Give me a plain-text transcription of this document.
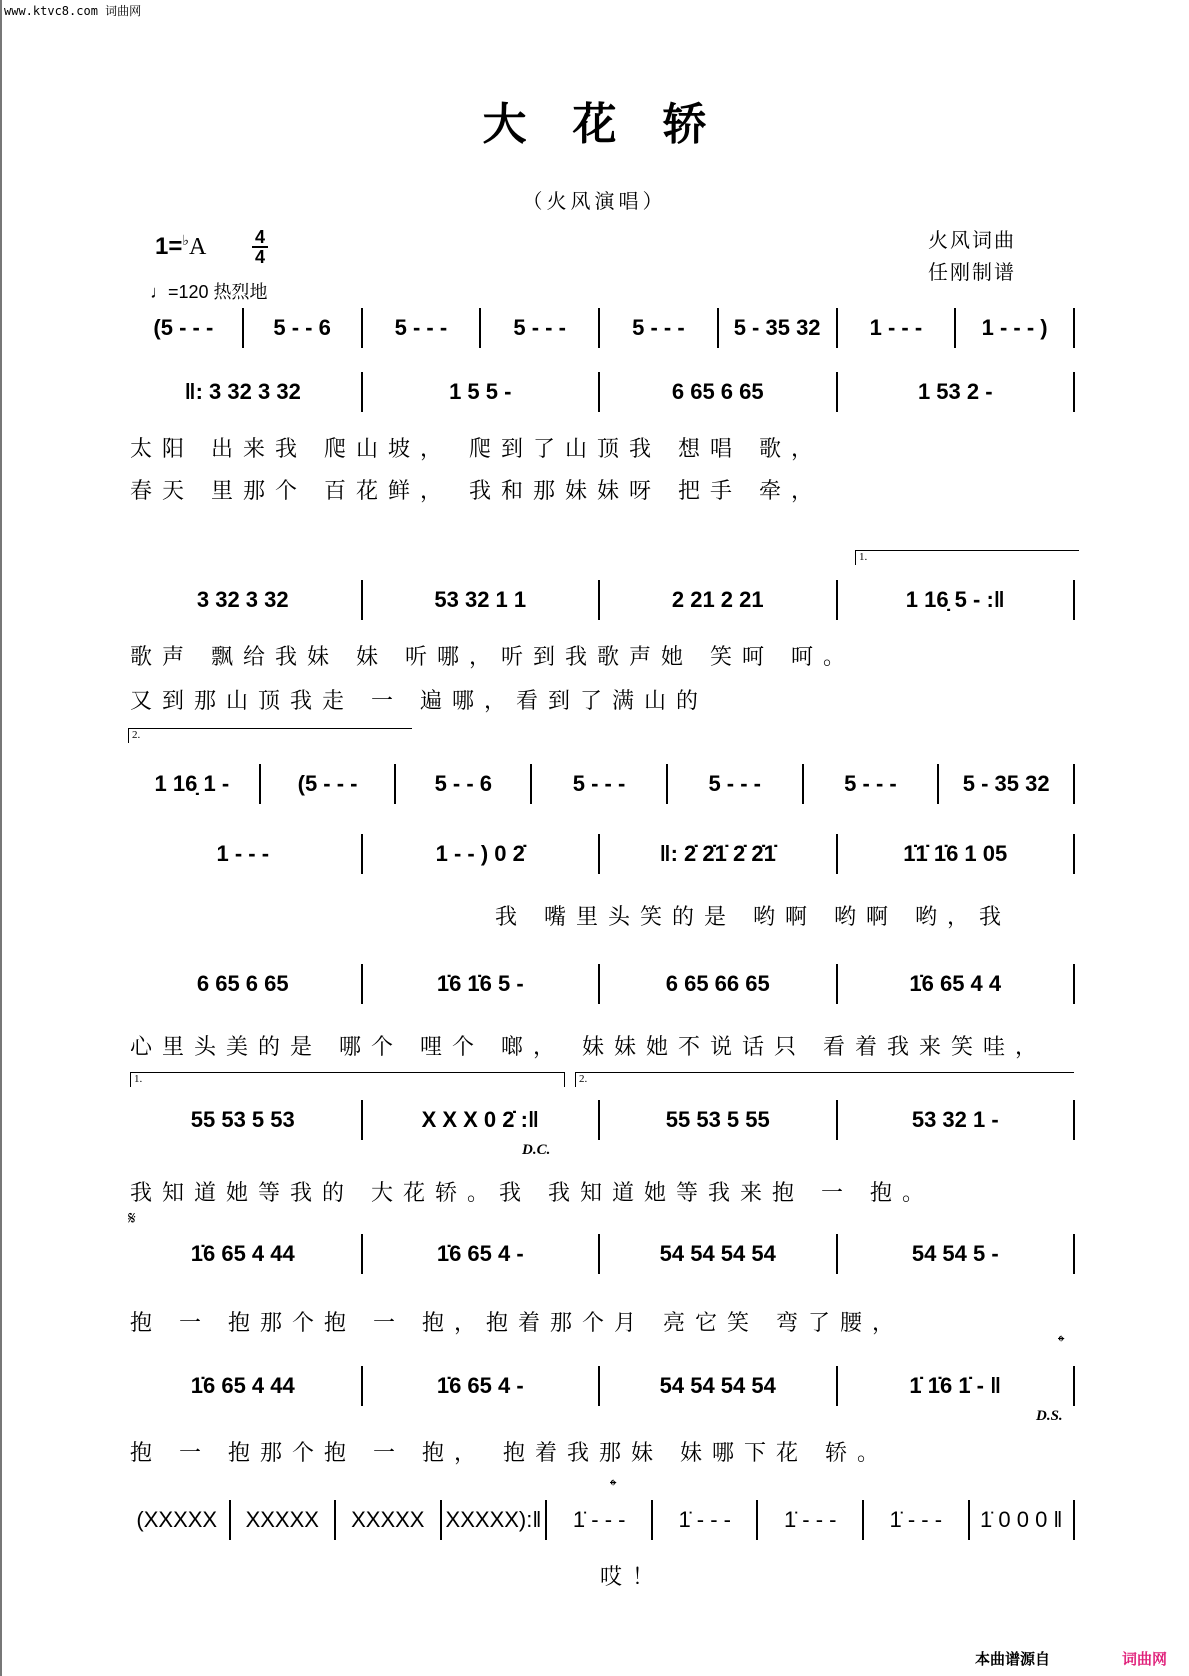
www.ktvc8.com 词曲网
大花轿
（火风演唱）
1=♭A	4
4
♩=120 热烈地
火风词曲
任刚制谱
(5 - - -	5 - - 6	5 - - -	5 - - -	5 - - -	5 - 35 32	1 - - -	1 - - - )
‖: 3 32 3 32	1 5 5 -	6 65 6 65	1 53 2 -
太阳 出来我 爬山坡， 爬到了山顶我 想唱 歌，
春天 里那个 百花鲜， 我和那妹妹呀 把手 牵，
1.
3 32 3 32	53 32 1 1	2 21 2 21	1 16̣ 5 - :‖
歌声 飘给我妹 妹 听哪，听到我歌声她 笑呵 呵。
又到那山顶我走 一 遍哪，看到了满山的
2.
1 16̣ 1 -	(5 - - -	5 - - 6	5 - - -	5 - - -	5 - - -	5 - 35 32
1 - - -	1 - - ) 0 2̇	‖: 2̇ 2̇1̇ 2̇ 2̇1̇	1̇1̇ 1̇6 1 05
我 嘴里头笑的是 哟啊 哟啊 哟，我
6 65 6 65	1̇6 1̇6 5 -	6 65 66 65	1̇6 65 4 4
心里头美的是 哪个 哩个 啷， 妹妹她不说话只 看着我来笑哇，
1.	2.
55 53 5 53	X X X 0 2̇ :‖	55 53 5 55	53 32 1 -
D.C.
我知道她等我的 大花轿。我 我知道她等我来抱 一 抱。
𝄋
1̇6 65 4 44	1̇6 65 4 -	54 54 54 54	54 54 5 -
抱 一 抱那个抱 一 抱，抱着那个月 亮它笑 弯了腰，
𝄌
1̇6 65 4 44	1̇6 65 4 -	54 54 54 54	1̇ 1̇6 1̇ - ‖
D.S.
抱 一 抱那个抱 一 抱， 抱着我那妹 妹哪下花 轿。
𝄌
(XXXXX	XXXXX	XXXXX XXXXX):‖	1̇ - - -	1̇ - - -	1̇ - - -	1̇ - - -	1̇ 0 0 0 ‖
哎！
本曲谱源自	词曲网
